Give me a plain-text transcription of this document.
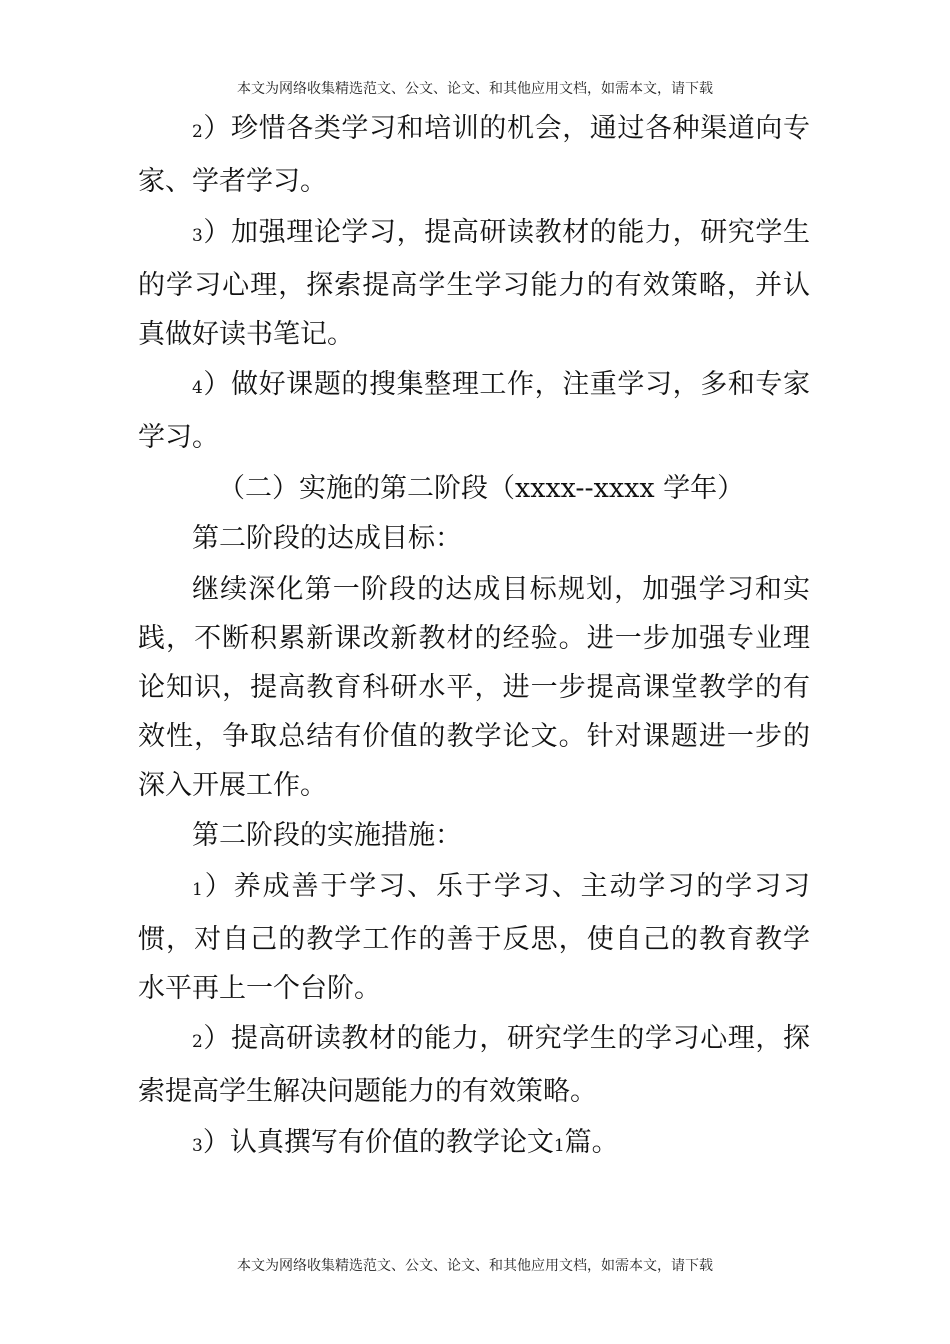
本文为网络收集精选范文、公文、论文、和其他应用文档，如需本文，请下载

2）珍惜各类学习和培训的机会，通过各种渠道向专家、学者学习。

3）加强理论学习，提高研读教材的能力，研究学生的学习心理，探索提高学生学习能力的有效策略，并认真做好读书笔记。

4）做好课题的搜集整理工作，注重学习，多和专家学习。

（二）实施的第二阶段（xxxx--xxxx 学年）

第二阶段的达成目标：

继续深化第一阶段的达成目标规划，加强学习和实践，不断积累新课改新教材的经验。进一步加强专业理论知识，提高教育科研水平，进一步提高课堂教学的有效性，争取总结有价值的教学论文。针对课题进一步的深入开展工作。

第二阶段的实施措施：

1）养成善于学习、乐于学习、主动学习的学习习惯，对自己的教学工作的善于反思，使自己的教育教学水平再上一个台阶。

2）提高研读教材的能力，研究学生的学习心理，探索提高学生解决问题能力的有效策略。

3）认真撰写有价值的教学论文1篇。

本文为网络收集精选范文、公文、论文、和其他应用文档，如需本文，请下载
